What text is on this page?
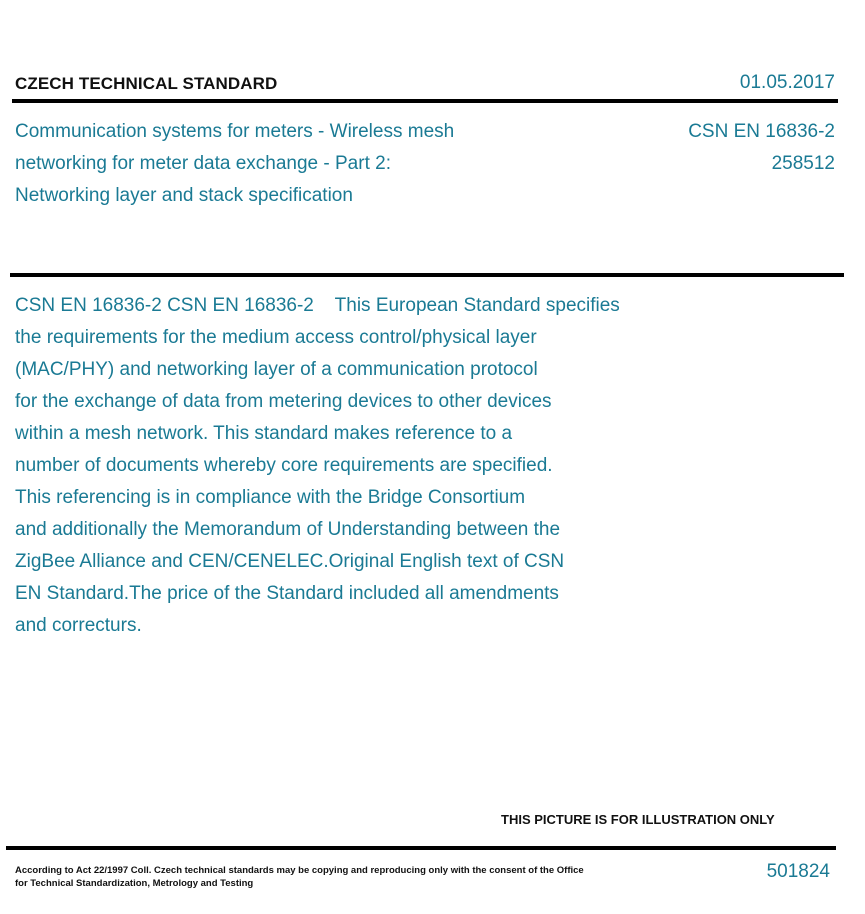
CZECH TECHNICAL STANDARD	01.05.2017
Communication systems for meters - Wireless mesh
networking for meter data exchange - Part 2:
Networking layer and stack specification
CSN EN 16836-2
258512
CSN EN 16836-2 CSN EN 16836-2    This European Standard specifies
the requirements for the medium access control/physical layer
(MAC/PHY) and networking layer of a communication protocol
for the exchange of data from metering devices to other devices
within a mesh network. This standard makes reference to a
number of documents whereby core requirements are specified.
This referencing is in compliance with the Bridge Consortium
and additionally the Memorandum of Understanding between the
ZigBee Alliance and CEN/CENELEC.Original English text of CSN
EN Standard.The price of the Standard included all amendments
and correcturs.
THIS PICTURE IS FOR ILLUSTRATION ONLY
According to Act 22/1997 Coll. Czech technical standards may be copying and reproducing only with the consent of the Office
for Technical Standardization, Metrology and Testing
501824
